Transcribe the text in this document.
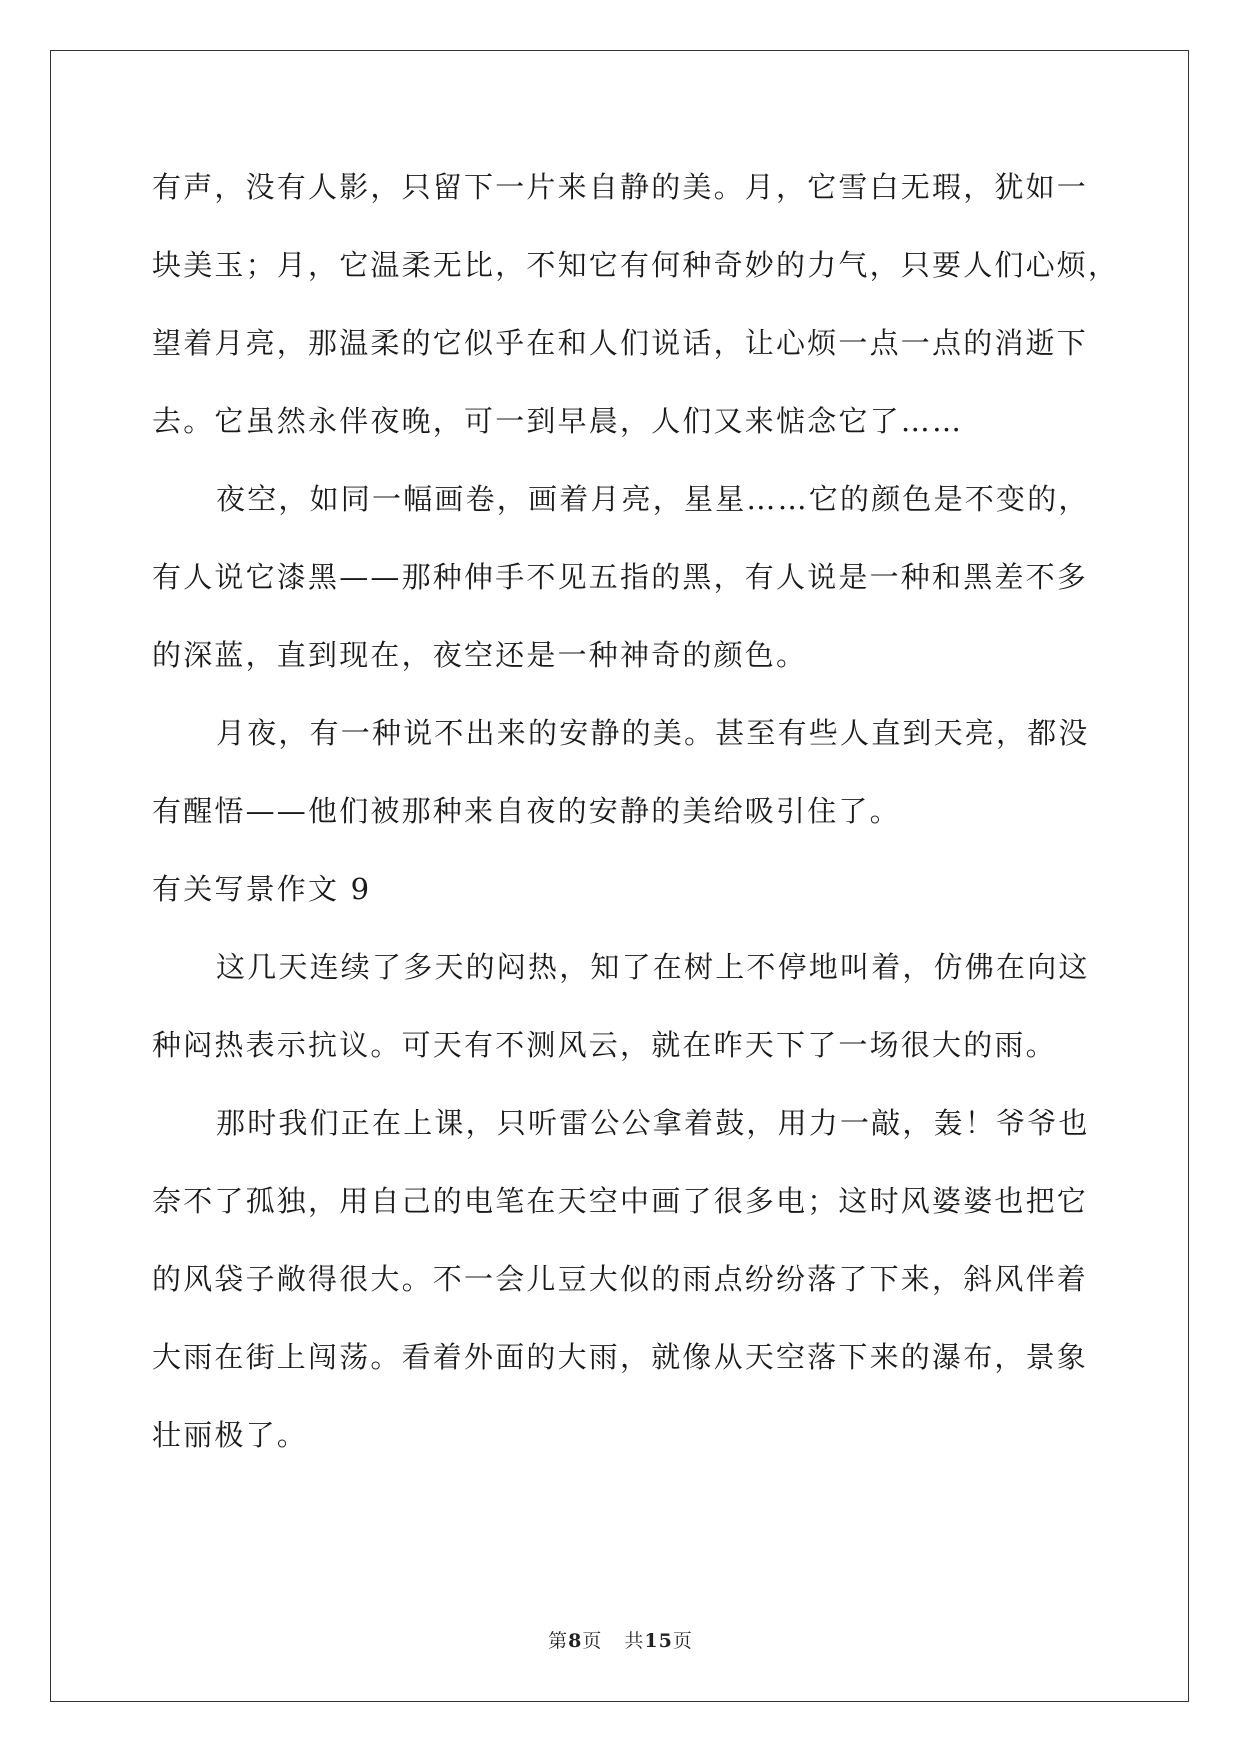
有声，没有人影，只留下一片来自静的美。月，它雪白无瑕，犹如一
块美玉；月，它温柔无比，不知它有何种奇妙的力气，只要人们心烦，
望着月亮，那温柔的它似乎在和人们说话，让心烦一点一点的消逝下
去。它虽然永伴夜晚，可一到早晨，人们又来惦念它了……
夜空，如同一幅画卷，画着月亮，星星……它的颜色是不变的，
有人说它漆黑——那种伸手不见五指的黑，有人说是一种和黑差不多
的深蓝，直到现在，夜空还是一种神奇的颜色。
月夜，有一种说不出来的安静的美。甚至有些人直到天亮，都没
有醒悟——他们被那种来自夜的安静的美给吸引住了。
有关写景作文 9
这几天连续了多天的闷热，知了在树上不停地叫着，仿佛在向这
种闷热表示抗议。可天有不测风云，就在昨天下了一场很大的雨。
那时我们正在上课，只听雷公公拿着鼓，用力一敲，轰！爷爷也
奈不了孤独，用自己的电笔在天空中画了很多电；这时风婆婆也把它
的风袋子敞得很大。不一会儿豆大似的雨点纷纷落了下来，斜风伴着
大雨在街上闯荡。看着外面的大雨，就像从天空落下来的瀑布，景象
壮丽极了。
第8页 共15页
